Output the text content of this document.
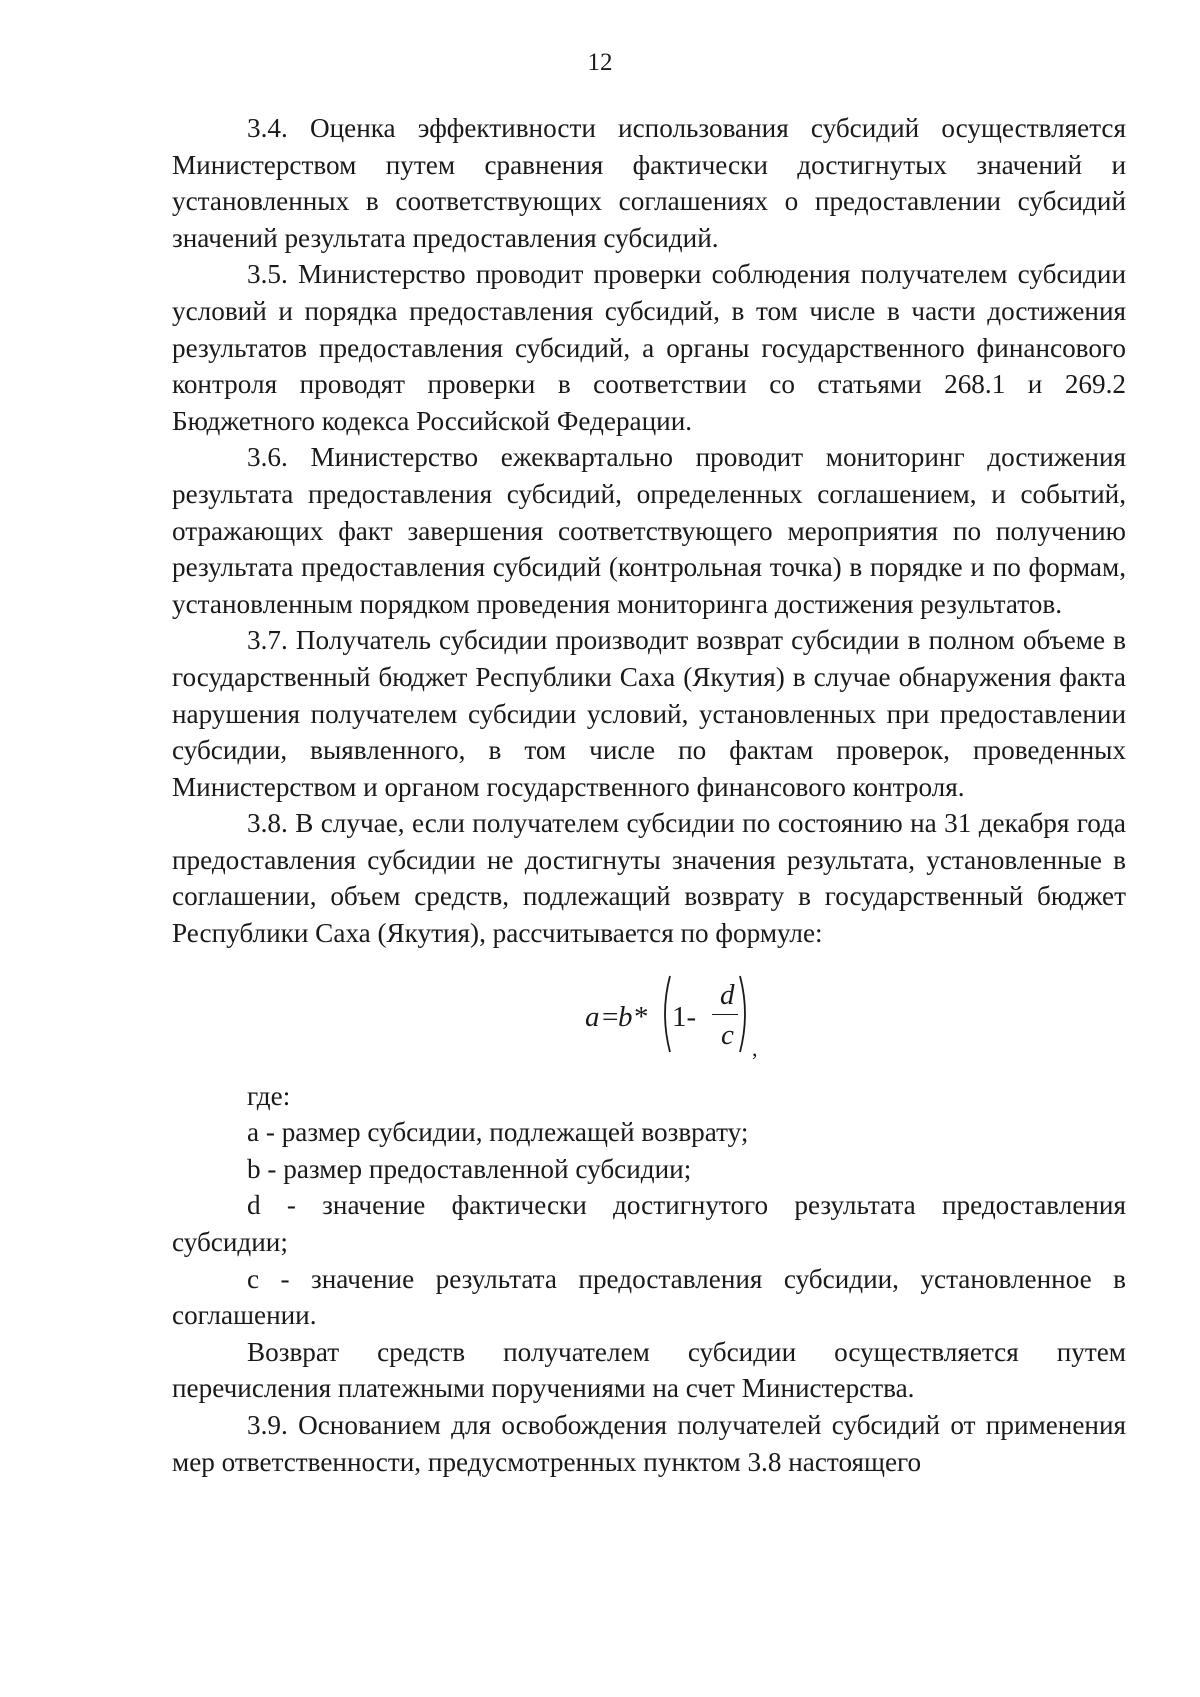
12

3.4. Оценка эффективности использования субсидий осуществляется Министерством путем сравнения фактически достигнутых значений и установленных в соответствующих соглашениях о предоставлении субсидий значений результата предоставления субсидий.

3.5. Министерство проводит проверки соблюдения получателем субсидии условий и порядка предоставления субсидий, в том числе в части достижения результатов предоставления субсидий, а органы государственного финансового контроля проводят проверки в соответствии со статьями 268.1 и 269.2 Бюджетного кодекса Российской Федерации.

3.6. Министерство ежеквартально проводит мониторинг достижения результата предоставления субсидий, определенных соглашением, и событий, отражающих факт завершения соответствующего мероприятия по получению результата предоставления субсидий (контрольная точка) в порядке и по формам, установленным порядком проведения мониторинга достижения результатов.

3.7. Получатель субсидии производит возврат субсидии в полном объеме в государственный бюджет Республики Саха (Якутия) в случае обнаружения факта нарушения получателем субсидии условий, установленных при предоставлении субсидии, выявленного, в том числе по фактам проверок, проведенных Министерством и органом государственного финансового контроля.

3.8. В случае, если получателем субсидии по состоянию на 31 декабря года предоставления субсидии не достигнуты значения результата, установленные в соглашении, объем средств, подлежащий возврату в государственный бюджет Республики Саха (Якутия), рассчитывается по формуле:

a = b * 1-
d
c ,

где:

a - размер субсидии, подлежащей возврату;

b - размер предоставленной субсидии;

d - значение фактически достигнутого результата предоставления субсидии;

c - значение результата предоставления субсидии, установленное в соглашении.

Возврат средств получателем субсидии осуществляется путем перечисления платежными поручениями на счет Министерства.

3.9. Основанием для освобождения получателей субсидий от применения мер ответственности, предусмотренных пунктом 3.8 настоящего
